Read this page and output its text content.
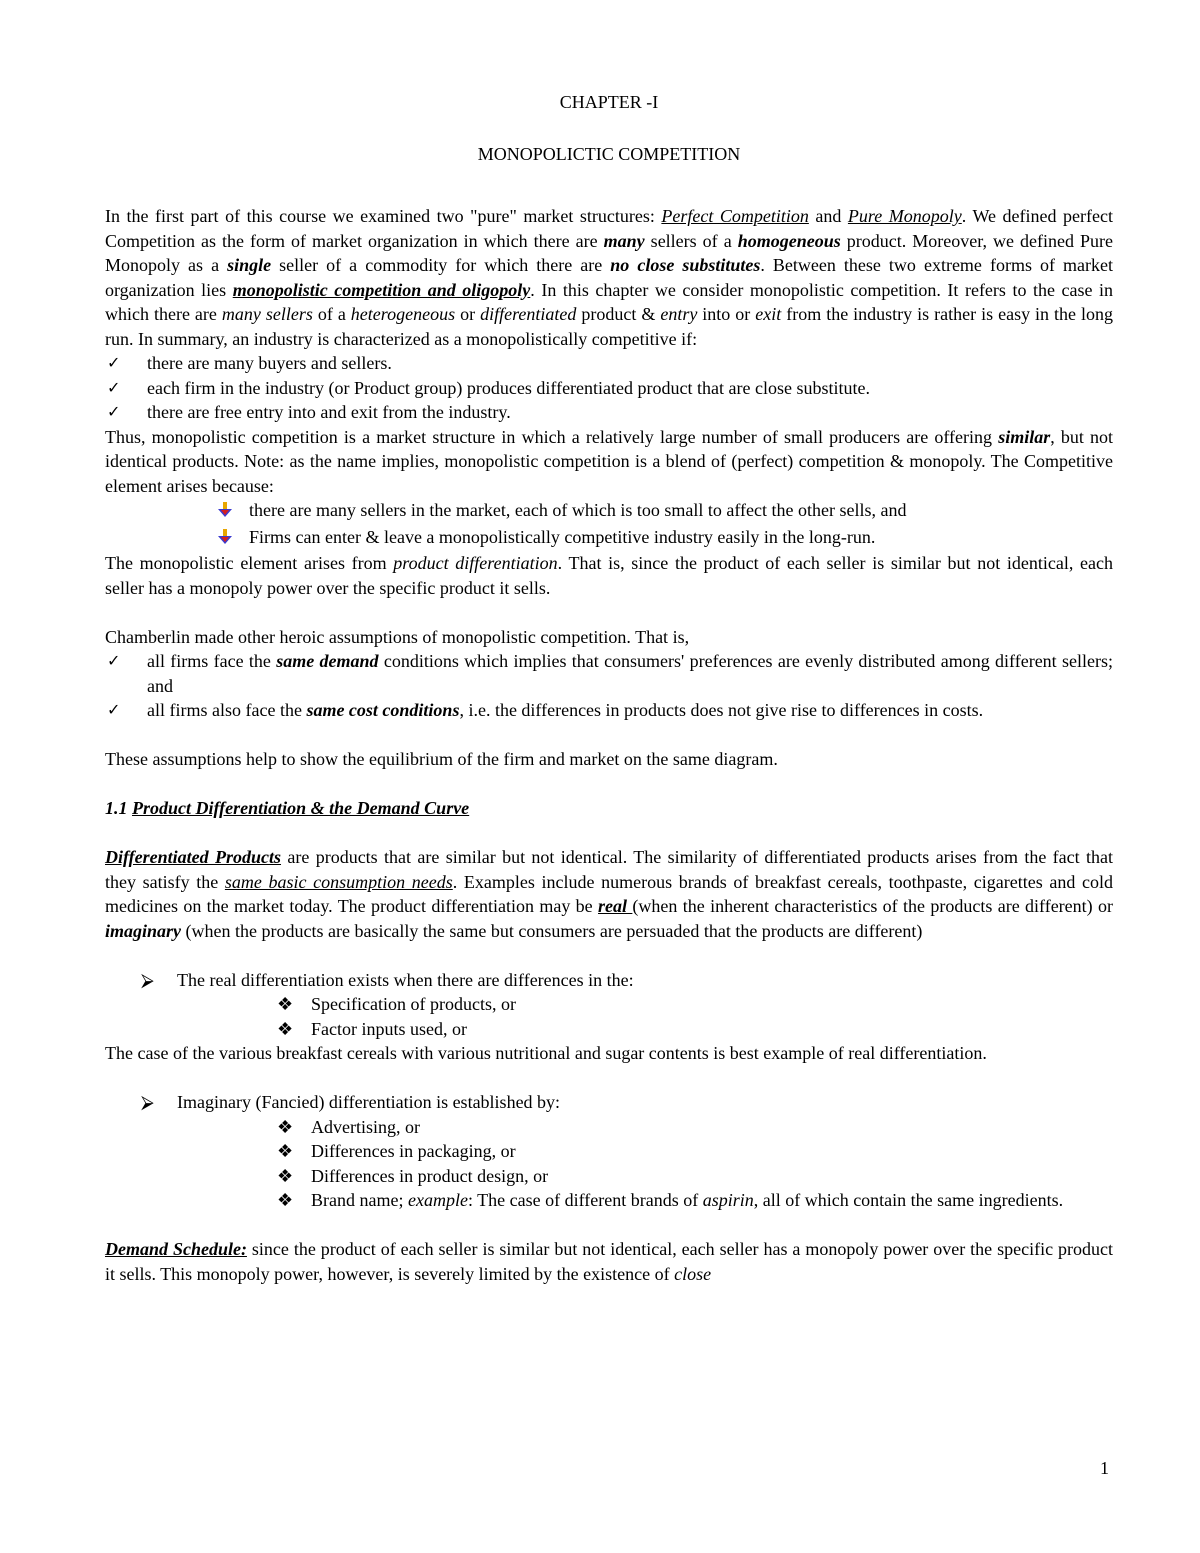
CHAPTER -I

MONOPOLICTIC COMPETITION

In the first part of this course we examined two "pure" market structures: Perfect Competition and Pure Monopoly. We defined perfect Competition as the form of market organization in which there are many sellers of a homogeneous product. Moreover, we defined Pure Monopoly as a single seller of a commodity for which there are no close substitutes. Between these two extreme forms of market organization lies monopolistic competition and oligopoly. In this chapter we consider monopolistic competition. It refers to the case in which there are many sellers of a heterogeneous or differentiated product & entry into or exit from the industry is rather is easy in the long run. In summary, an industry is characterized as a monopolistically competitive if:

✓	there are many buyers and sellers.
✓	each firm in the industry (or Product group) produces differentiated product that are close substitute.
✓	there are free entry into and exit from the industry.

Thus, monopolistic competition is a market structure in which a relatively large number of small producers are offering similar, but not identical products. Note: as the name implies, monopolistic competition is a blend of (perfect) competition & monopoly. The Competitive element arises because:

there are many sellers in the market, each of which is too small to affect the other sells, and
Firms can enter & leave a monopolistically competitive industry easily in the long-run.

The monopolistic element arises from product differentiation. That is, since the product of each seller is similar but not identical, each seller has a monopoly power over the specific product it sells.

Chamberlin made other heroic assumptions of monopolistic competition. That is,

✓	all firms face the same demand conditions which implies that consumers' preferences are evenly distributed among different sellers; and
✓	all firms also face the same cost conditions, i.e. the differences in products does not give rise to differences in costs.

These assumptions help to show the equilibrium of the firm and market on the same diagram.

1.1 Product Differentiation & the Demand Curve

Differentiated Products are products that are similar but not identical. The similarity of differentiated products arises from the fact that they satisfy the same basic consumption needs. Examples include numerous brands of breakfast cereals, toothpaste, cigarettes and cold medicines on the market today. The product differentiation may be real (when the inherent characteristics of the products are different) or imaginary (when the products are basically the same but consumers are persuaded that the products are different)

⮚	The real differentiation exists when there are differences in the:
❖ Specification of products, or
❖ Factor inputs used, or

The case of the various breakfast cereals with various nutritional and sugar contents is best example of real differentiation.

⮚	Imaginary (Fancied) differentiation is established by:
❖ Advertising, or
❖ Differences in packaging, or
❖ Differences in product design, or
❖ Brand name; example: The case of different brands of aspirin, all of which contain the same ingredients.

Demand Schedule: since the product of each seller is similar but not identical, each seller has a monopoly power over the specific product it sells. This monopoly power, however, is severely limited by the existence of close

1
